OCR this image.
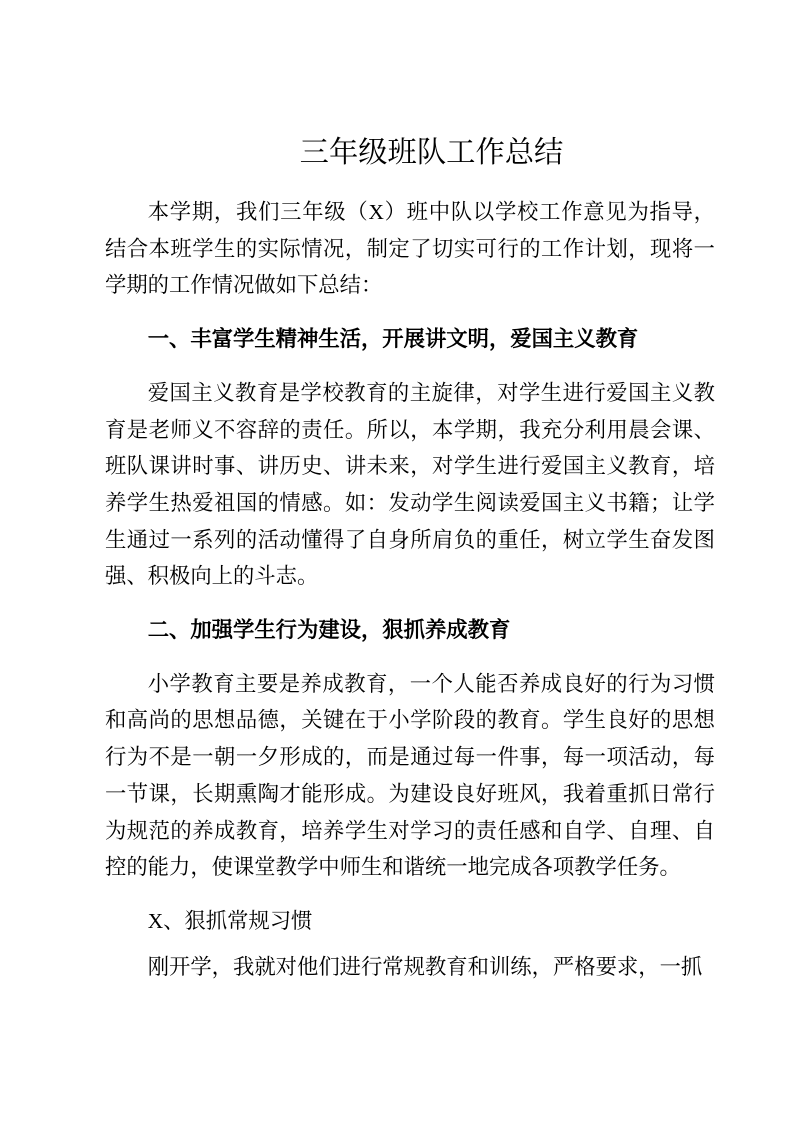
三年级班队工作总结

本学期，我们三年级（X）班中队以学校工作意见为指导，结合本班学生的实际情况，制定了切实可行的工作计划，现将一学期的工作情况做如下总结：

一、丰富学生精神生活，开展讲文明，爱国主义教育

爱国主义教育是学校教育的主旋律，对学生进行爱国主义教育是老师义不容辞的责任。所以，本学期，我充分利用晨会课、班队课讲时事、讲历史、讲未来，对学生进行爱国主义教育，培养学生热爱祖国的情感。如：发动学生阅读爱国主义书籍；让学生通过一系列的活动懂得了自身所肩负的重任，树立学生奋发图强、积极向上的斗志。

二、加强学生行为建设，狠抓养成教育

小学教育主要是养成教育，一个人能否养成良好的行为习惯和高尚的思想品德，关键在于小学阶段的教育。学生良好的思想行为不是一朝一夕形成的，而是通过每一件事，每一项活动，每一节课，长期熏陶才能形成。为建设良好班风，我着重抓日常行为规范的养成教育，培养学生对学习的责任感和自学、自理、自控的能力，使课堂教学中师生和谐统一地完成各项教学任务。

X、狠抓常规习惯

刚开学，我就对他们进行常规教育和训练，严格要求，一抓
